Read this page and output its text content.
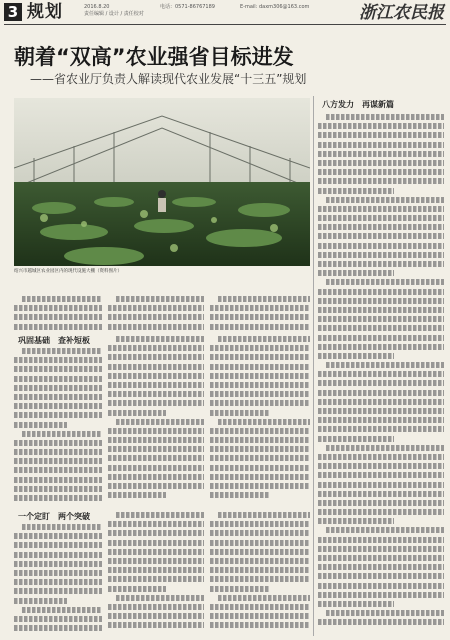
3 规划	2016.8.20
责任编辑 / 设计 / 责任校对
电话：0571-86767189	E-mail: daxm306@163.com	浙江农民报
朝着“双高”农业强省目标进发
——省农业厅负责人解读现代农业发展“十三五”规划
绍兴市越城区农业园区内的现代设施大棚（资料图片）
八方发力　再谋新篇
巩固基础　查补短板
一个定盯　两个突破
